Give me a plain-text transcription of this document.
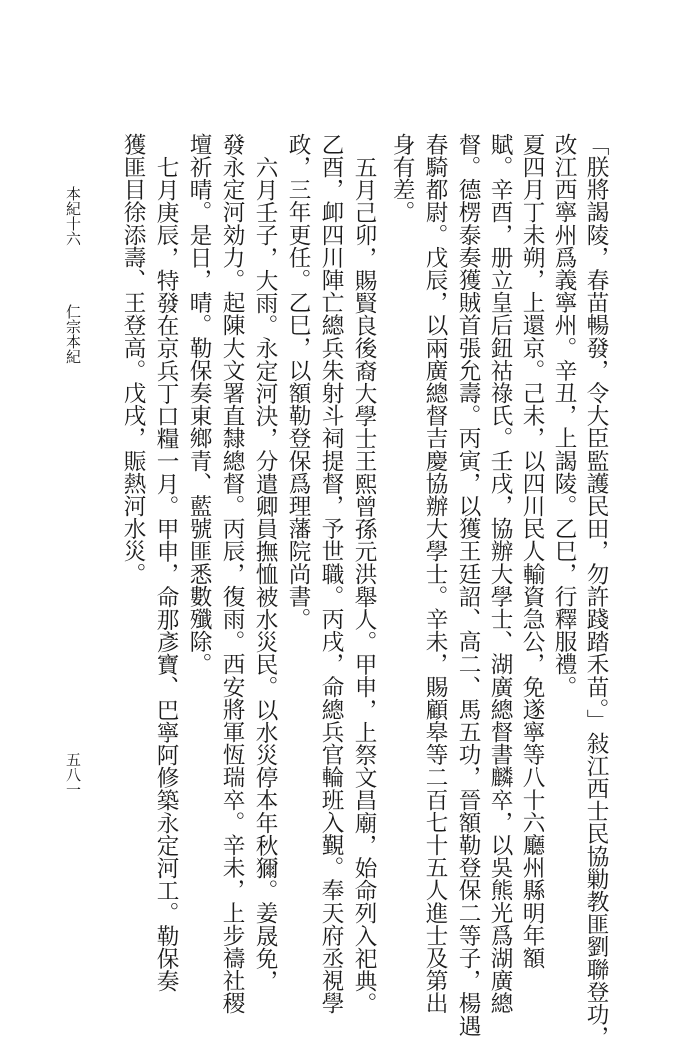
「朕將謁陵，春苗暢發，令大臣監護民田，勿許踐踏禾苗。」敍江西士民協勦教匪劉聯登功，
改江西寧州爲義寧州。辛丑，上謁陵。乙巳，行釋服禮。
夏四月丁未朔，上還京。己未，以四川民人輸資急公，免遂寧等八十六廳州縣明年額
賦。辛酉，册立皇后鈕祜祿氏。壬戌，協辦大學士、湖廣總督書麟卒，以吳熊光爲湖廣總
督。德楞泰奏獲賊首張允壽。丙寅，以獲王廷詔、高二、馬五功，晉額勒登保二等子，楊遇
春騎都尉。戊辰，以兩廣總督吉慶協辦大學士。辛未，賜顧皋等二百七十五人進士及第出
身有差。
五月己卯，賜賢良後裔大學士王熙曾孫元洪舉人。甲申，上祭文昌廟，始命列入祀典。
乙酉，卹四川陣亡總兵朱射斗祠提督，予世職。丙戌，命總兵官輪班入覲。奉天府丞視學
政，三年更任。乙巳，以額勒登保爲理藩院尚書。
六月壬子，大雨。永定河決，分遣卿員撫恤被水災民。以水災停本年秋獮。姜晟免，
發永定河効力。起陳大文署直隸總督。丙辰，復雨。西安將軍恆瑞卒。辛未，上步禱社稷
壇祈晴。是日，晴。勒保奏東鄉青、藍號匪悉數殲除。
七月庚辰，特發在京兵丁口糧一月。甲申，命那彥寶、巴寧阿修築永定河工。勒保奏
獲匪目徐添壽、王登高。戊戌，賑熱河水災。
本紀十六
仁宗本紀
五八一
